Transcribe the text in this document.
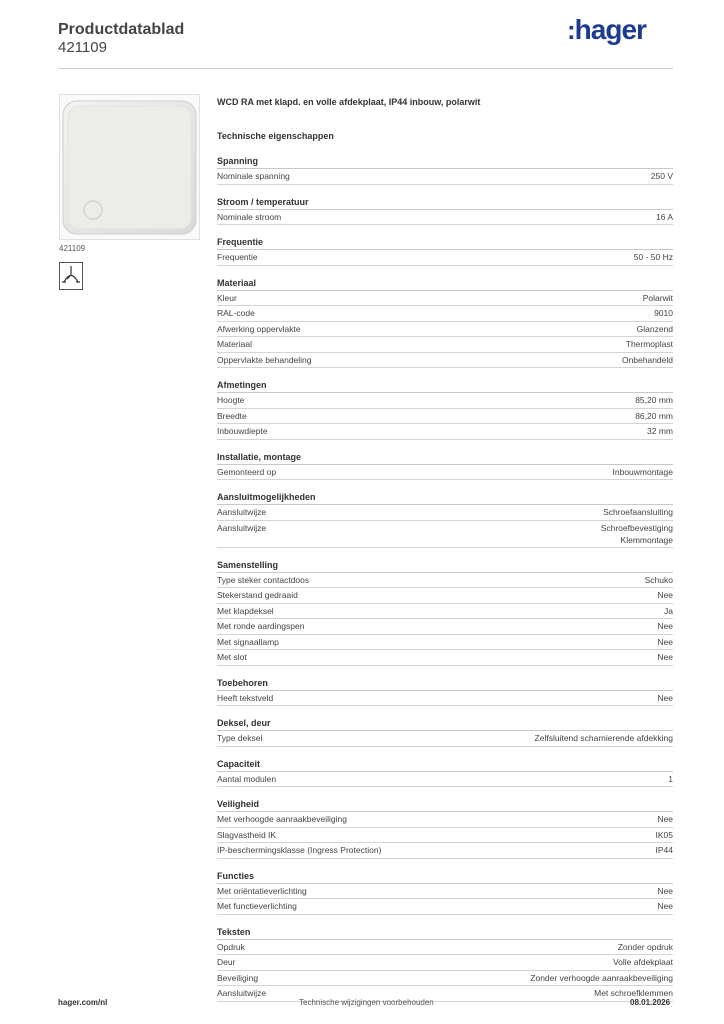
Productdatablad
421109
:hager
421109
WCD RA met klapd. en volle afdekplaat, IP44 inbouw, polarwit
Technische eigenschappen
Spanning
Nominale spanning	250 V
Stroom / temperatuur
Nominale stroom	16 A
Frequentie
Frequentie	50 - 50 Hz
Materiaal
Kleur	Polarwit
RAL-code	9010
Afwerking oppervlakte	Glanzend
Materiaal	Thermoplast
Oppervlakte behandeling	Onbehandeld
Afmetingen
Hoogte	85,20 mm
Breedte	86,20 mm
Inbouwdiepte	32 mm
Installatie, montage
Gemonteerd op	Inbouwmontage
Aansluitmogelijkheden
Aansluitwijze	Schroefaansluiting
Aansluitwijze	Schroefbevestiging
Klemmontage
Samenstelling
Type steker contactdoos	Schuko
Stekerstand gedraaid	Nee
Met klapdeksel	Ja
Met ronde aardingspen	Nee
Met signaallamp	Nee
Met slot	Nee
Toebehoren
Heeft tekstveld	Nee
Deksel, deur
Type deksel	Zelfsluitend scharnierende afdekking
Capaciteit
Aantal modulen	1
Veiligheid
Met verhoogde aanraakbeveiliging	Nee
Slagvastheid IK	IK05
IP-beschermingsklasse (Ingress Protection)	IP44
Functies
Met oriëntatieverlichting	Nee
Met functieverlichting	Nee
Teksten
Opdruk	Zonder opdruk
Deur	Volle afdekplaat
Beveiliging	Zonder verhoogde aanraakbeveiliging
Aansluitwijze	Met schroefklemmen
hager.com/nl	Technische wijzigingen voorbehouden	08.01.2026
